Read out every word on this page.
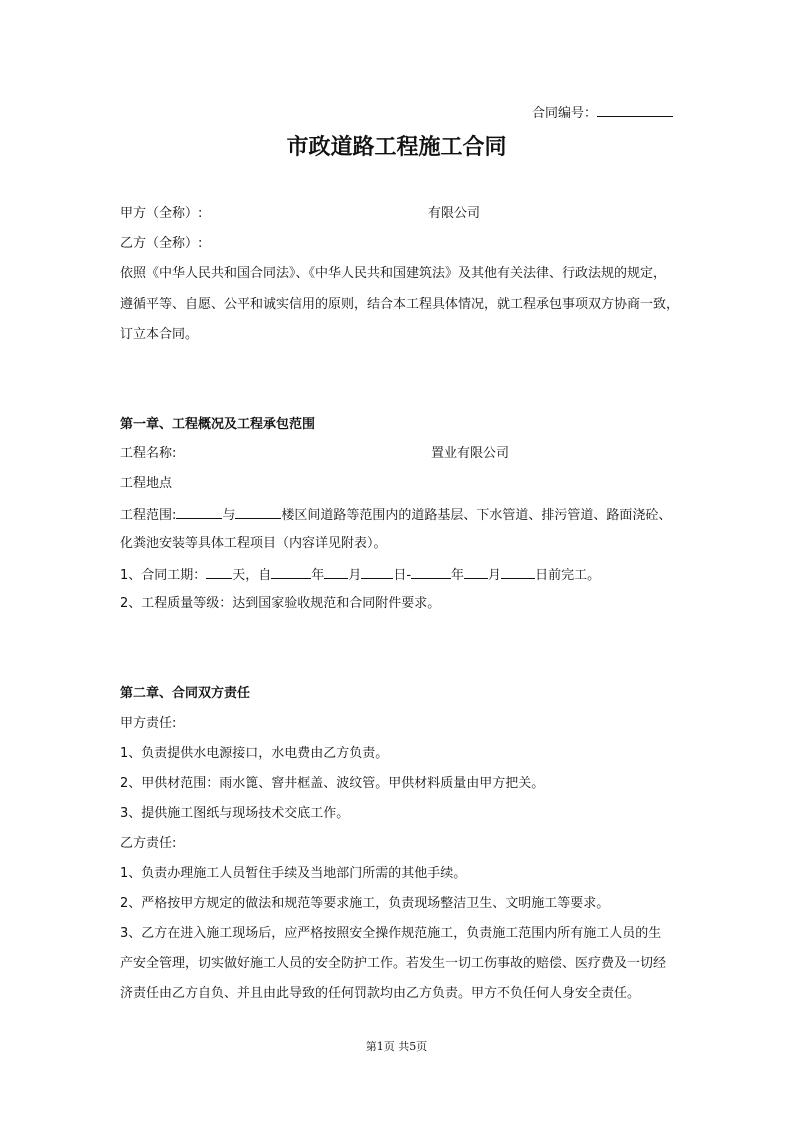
合同编号：
市政道路工程施工合同
甲方（全称）:	有限公司
乙方（全称）:
依照《中华人民共和国合同法》、《中华人民共和国建筑法》及其他有关法律、行政法规的规定，
遵循平等、自愿、公平和诚实信用的原则，结合本工程具体情况，就工程承包事项双方协商一致，
订立本合同。
第一章、工程概况及工程承包范围
工程名称:	置业有限公司
工程地点
工程范围:	与	楼区间道路等范围内的道路基层、下水管道、排污管道、路面浇砼、
化粪池安装等具体工程项目（内容详见附表）。
1、合同工期： 天，自	年 月 日-	年 月	日前完工。
2、工程质量等级：达到国家验收规范和合同附件要求。
第二章、合同双方责任
甲方责任:
1、负责提供水电源接口，水电费由乙方负责。
2、甲供材范围：雨水篦、窨井框盖、波纹管。甲供材料质量由甲方把关。
3、提供施工图纸与现场技术交底工作。
乙方责任:
1、负责办理施工人员暂住手续及当地部门所需的其他手续。
2、严格按甲方规定的做法和规范等要求施工，负责现场整洁卫生、文明施工等要求。
3、乙方在进入施工现场后，应严格按照安全操作规范施工，负责施工范围内所有施工人员的生
产安全管理，切实做好施工人员的安全防护工作。若发生一切工伤事故的赔偿、医疗费及一切经
济责任由乙方自负、并且由此导致的任何罚款均由乙方负责。甲方不负任何人身安全责任。
第1页 共5页
